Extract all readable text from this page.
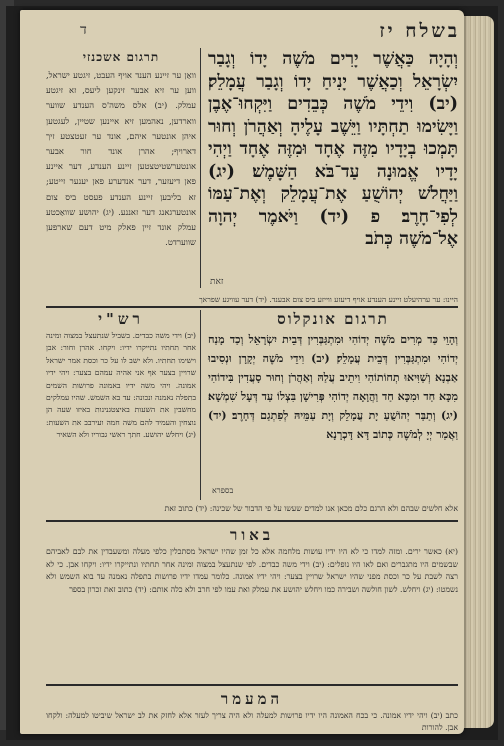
בשלח יז
ד
וְהָיָה כַּאֲשֶׁר יָרִים מֹשֶׁה יָדוֹ וְגָבַר יִשְׂרָאֵל וְכַאֲשֶׁר יָנִיחַ יָדוֹ וְגָבַר עֲמָלֵק׃ (יב) וִידֵי מֹשֶׁה כְּבֵדִים וַיִּקְחוּ־אֶבֶן וַיָּשִׂימוּ תַחְתָּיו וַיֵּשֶׁב עָלֶיהָ וְאַהֲרֹן וְחוּר תָּמְכוּ בְיָדָיו מִזֶּה אֶחָד וּמִזֶּה אֶחָד וַיְהִי יָדָיו אֱמוּנָה עַד־בֹּא הַשָּׁמֶשׁ׃ (יג) וַיַּחֲלֹשׁ יְהוֹשֻׁעַ אֶת־עֲמָלֵק וְאֶת־עַמּוֹ לְפִי־חָרֶב׃ פ (יד) וַיֹּאמֶר יְהוָה אֶל־מֹשֶׁה כְּתֹב
זאת
תרגום אשכנזי
וואַן ער זיינע הענד אויף העבט, זיגטע ישראל, ווען ער זיא אבער זינקען ליעס, זא זיגטע עמלק. (יב) אלס משה'ס הענדע שווער ווארדען, נאהמען זיא איינען שטיין, לעגטען איהן אונטער איהם, אונד ער זעטצטע זיך דארויף; אהרן אונד חור אבער אונטערשטיטצטען זיינע הענדע, דער איינע פאן דיעזער, דער אנדערע פאן יענער זייטע; זא בליבען זיינע הענדע פעסט ביס צום אונטערגאנג דער זאננע. (יג) יהושע שוואַכטע עמלק אונד זיין פאלק מיט דעם שארפען שווערדט.
היינו: ער ערהיעלט זיינע הענדע אויף דיעזע ווייזע ביס צום אבענד. (יד) דער עוויגע שפראך
תרגום אונקלוס
וְהָוֵי כַּד מְרִים מֹשֶׁה יְדוֹהִי וּמִתְגַּבְּרִין דְּבֵית יִשְׂרָאֵל וְכַד מָנַח יְדוֹהִי וּמִתְגַּבְּרִין דְּבֵית עֲמָלֵק׃ (יב) וִידֵי מֹשֶׁה יְקָרָן וּנְסִיבוּ אַבְנָא וְשַׁוִּיאוּ תְחוֹתוֹהִי וִיתֵיב עֲלַהּ וְאַהֲרֹן וְחוּר סָעֲדִין בִּידוֹהִי מִכָּא חַד וּמִכָּא חַד וַהֲוָאָה יְדוֹהִי פְּרִישָׁן בִּצְלוֹ עַד דְּעָל שִׁמְשָׁא׃ (יג) וְתַבַּר יְהוֹשֻׁעַ יָת עֲמָלֵק וְיָת עַמֵּיהּ לְפִתְגַם דְּחָרֶב׃ (יד) וַאֲמַר יְיָ לְמֹשֶׁה כְּתוֹב דָּא דָּכְרָנָא
בספרא
רש"י
(יב) וידי משה כבדים. בשביל שנתעצל במצוה ומינה אחר תחתיו נתייקרו ידיו: ויקחו. אהרן וחור: אבן וישימו תחתיו. ולא ישב לו על כר וכסת אמר ישראל שרויין בצער אף אני אהיה עמהם בצער: ויהי ידיו אמונה. ויהי משה ידיו באמונה פרושות השמים בתפלה נאמנה ונכונה: עד בא השמש. שהיו עמלקים מחשבין את השעות באיצטגנינות באיזו שעה הן נוצחין והעמיד להם משה חמה ועירבב את השעות: (יג) ויחלש יהושע. חתך ראשי גבוריו ולא השאיר
אלא חלשים שבהם ולא הרגם כלם מכאן אנו למדים שעשו על פי הדבור של שכינה: (יד) כתוב זאת
באור
(יא) כאשר ירים. ומזה למדו כי לא היו ידיו עושות מלחמה אלא כל זמן שהיו ישראל מסתכלין כלפי מעלה ומשעבדין את לבם לאביהם שבשמים היו מתגברים ואם לאו היו נופלים: (יב) וידי משה כבדים. לפי שנתעצל במצוה ומינה אחר תחתיו ונתייקרו ידיו: ויקחו אבן. כי לא רצה לשבת על כר וכסת מפני שהיו ישראל שרויין בצער: ויהי ידיו אמונה. כלומר עמדו ידיו פרושות בתפלה נאמנה עד בוא השמש ולא נשמטו: (יג) ויחלש. לשון חולשה ושבירה כמו ויחלש יהושע את עמלק ואת עמו לפי חרב ולא כלה אותם: (יד) כתוב זאת זכרון בספר
המעמר
כתב (יב) ויהי ידיו אמונה. כי בכח האמונה היו ידיו פרושות למעלה ולא היה צריך לעזר אלא לחזק את לב ישראל שיביטו למעלה: ולקחו אבן. להורות
